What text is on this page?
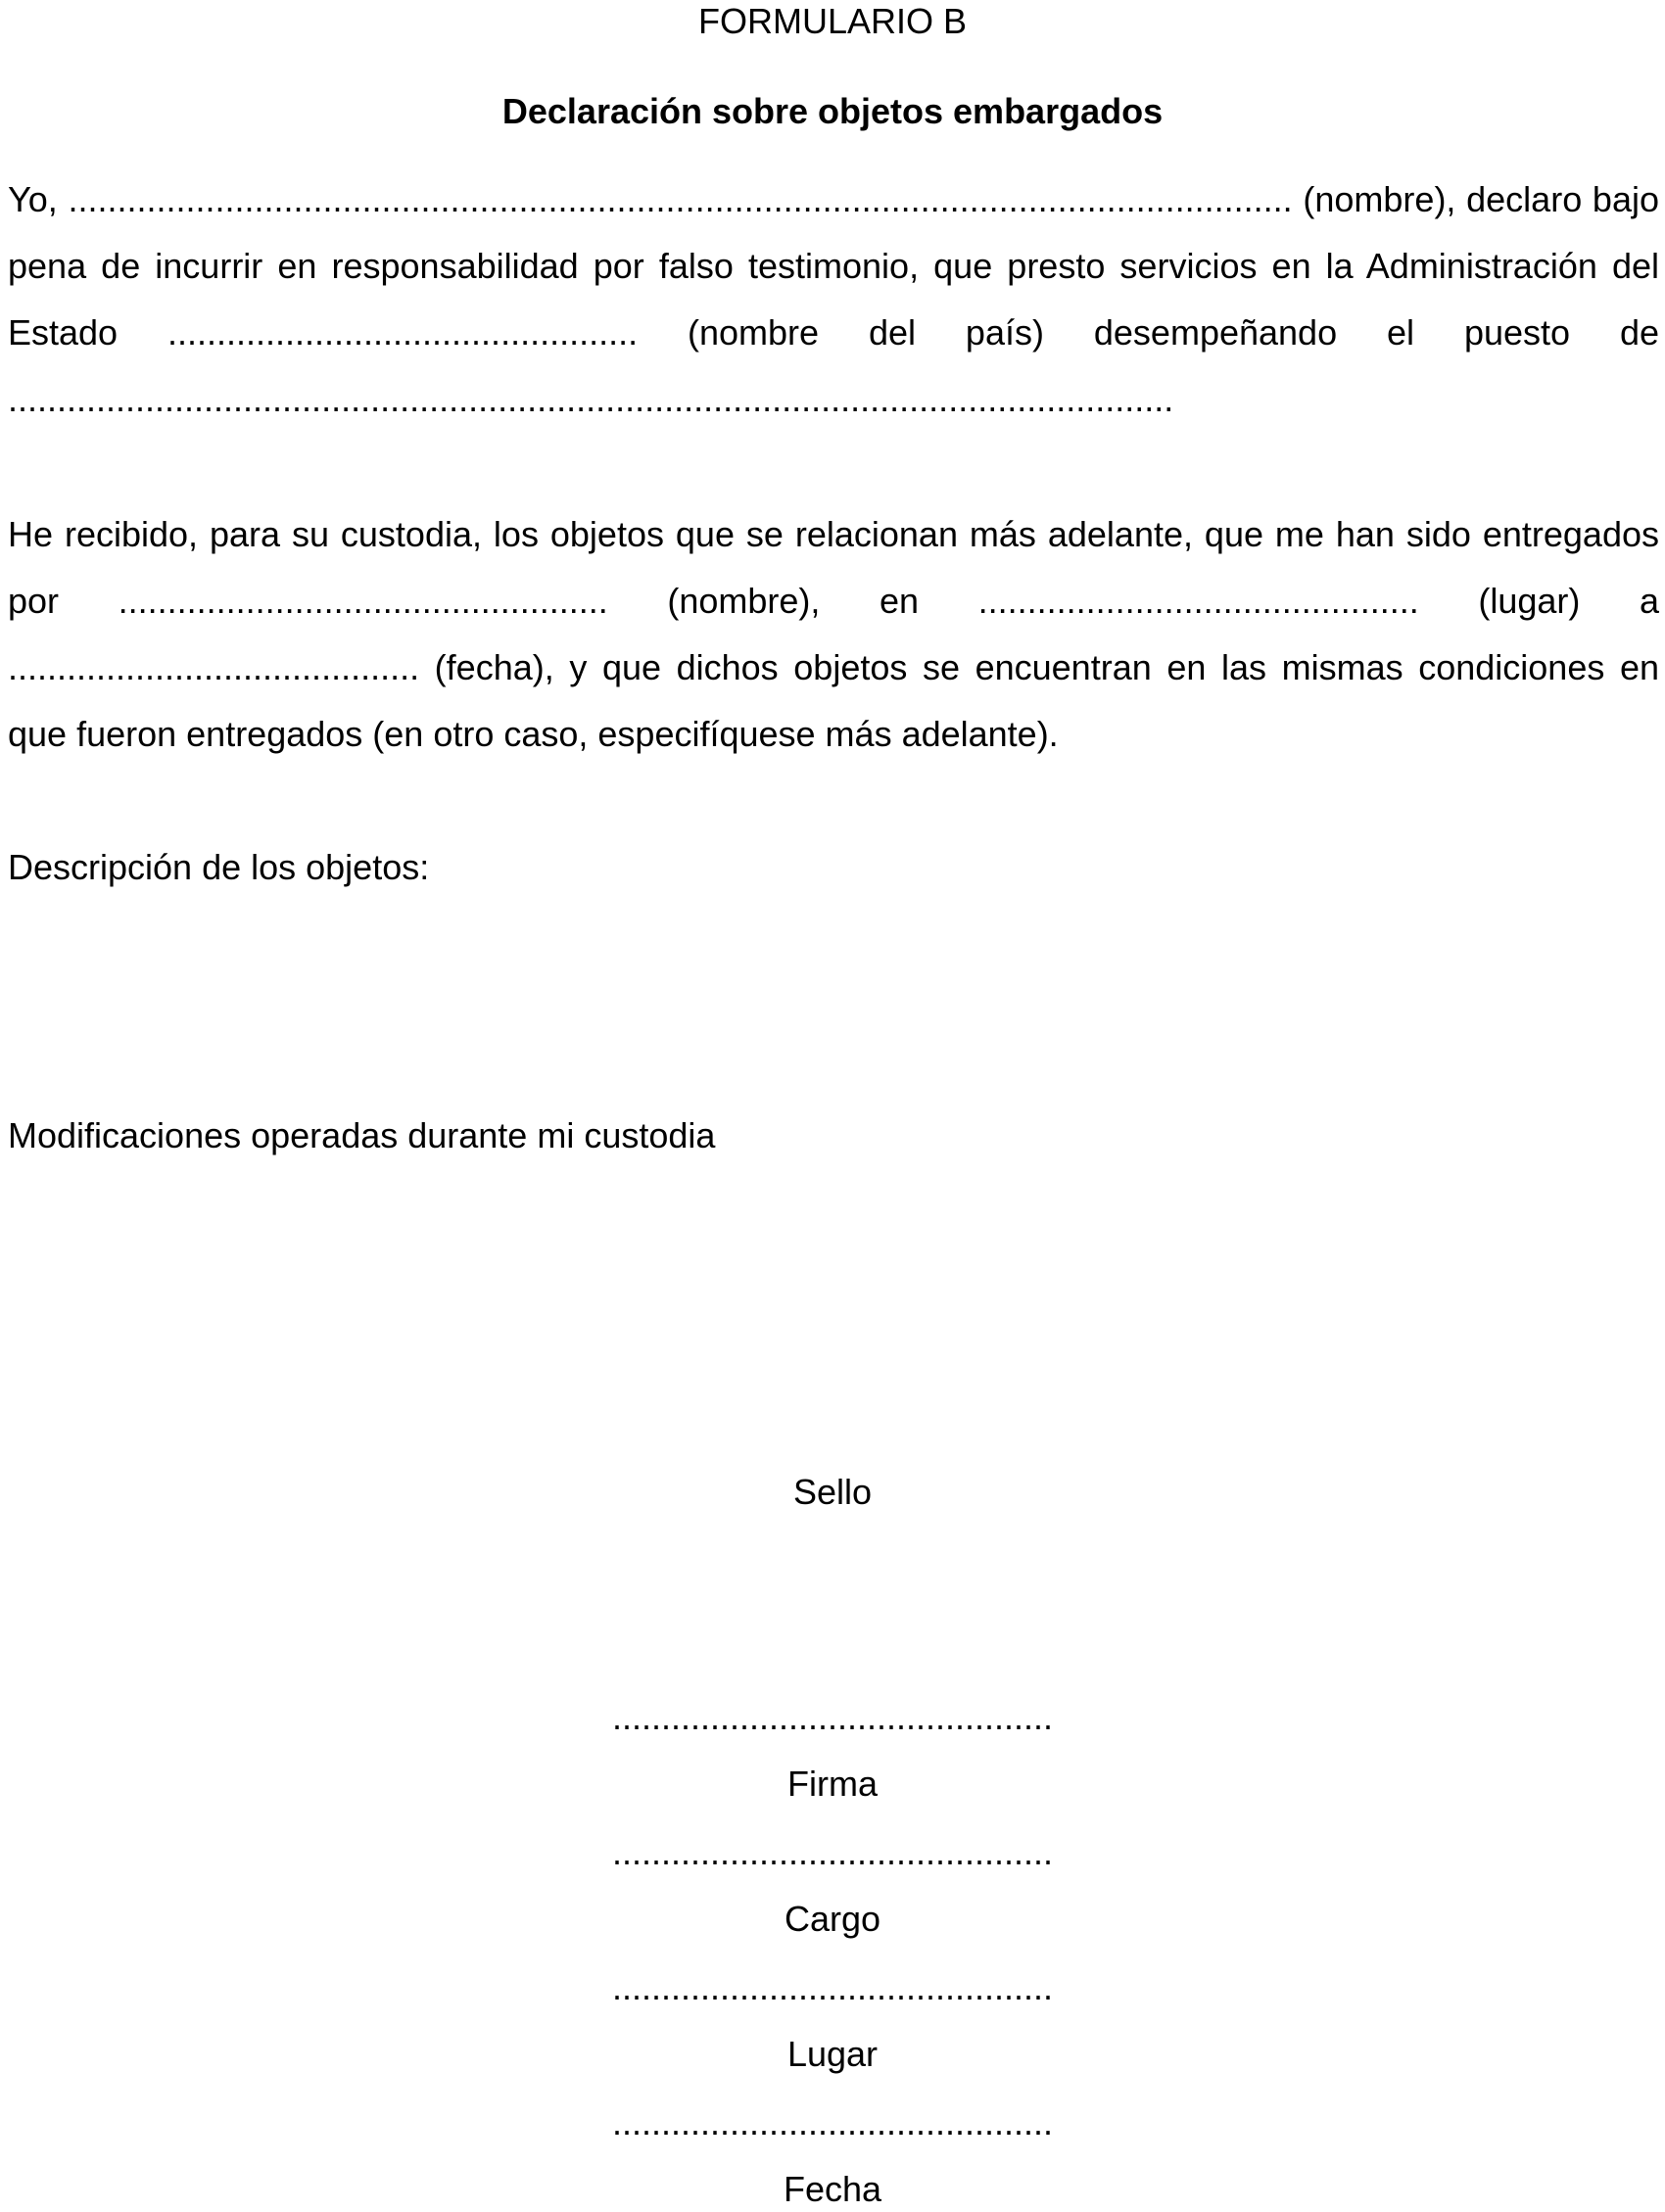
FORMULARIO B
Declaración sobre objetos embargados
Yo, ............................................................................................................................. (nombre), declaro bajo pena de incurrir en responsabilidad por falso testimonio, que presto servicios en la Administración del Estado ................................................ (nombre del país) desempeñando el puesto de .......................................................................................................................
He recibido, para su custodia, los objetos que se relacionan más adelante, que me han sido entregados por .................................................. (nombre), en ............................................. (lugar) a .......................................... (fecha), y que dichos objetos se encuentran en las mismas condiciones en que fueron entregados (en otro caso, especifíquese más adelante).
Descripción de los objetos:
Modificaciones operadas durante mi custodia
Sello
.............................................
Firma
.............................................
Cargo
.............................................
Lugar
.............................................
Fecha
